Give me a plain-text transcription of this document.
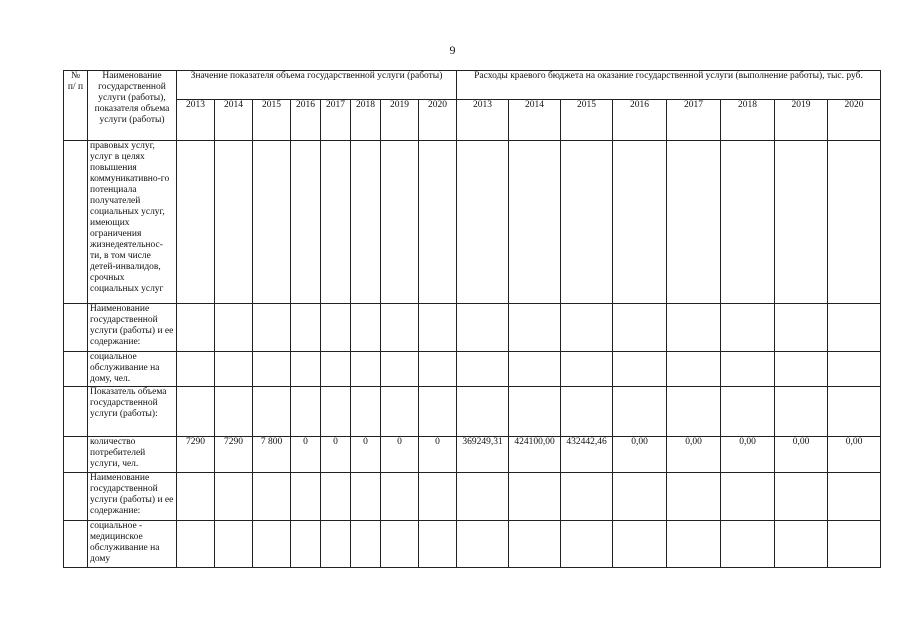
9
№ п/ п	Наименование государственной услуги (работы), показателя объема услуги (работы)	Значение показателя объема государственной услуги (работы)								Расходы краевого бюджета на оказание государственной услуги (выполнение работы), тыс. руб.							
		2013	2014	2015	2016	2017	2018	2019	2020	2013	2014	2015	2016	2017	2018	2019	2020
	правовых услуг, услуг в целях повышения коммуникативно-го потенциала получателей социальных услуг, имеющих ограничения жизнедеятельнос-ти, в том числе детей-инвалидов, срочных социальных услуг																
	Наименование государственной услуги (работы) и ее содержание:																
	социальное обслуживание на дому, чел.																
	Показатель объема государственной услуги (работы):																
	количество потребителей услуги, чел.	7290	7290	7 800	0	0	0	0	0	369249,31	424100,00	432442,46	0,00	0,00	0,00	0,00	0,00
	Наименование государственной услуги (работы) и ее содержание:																
	социальное - медицинское обслуживание на дому																
